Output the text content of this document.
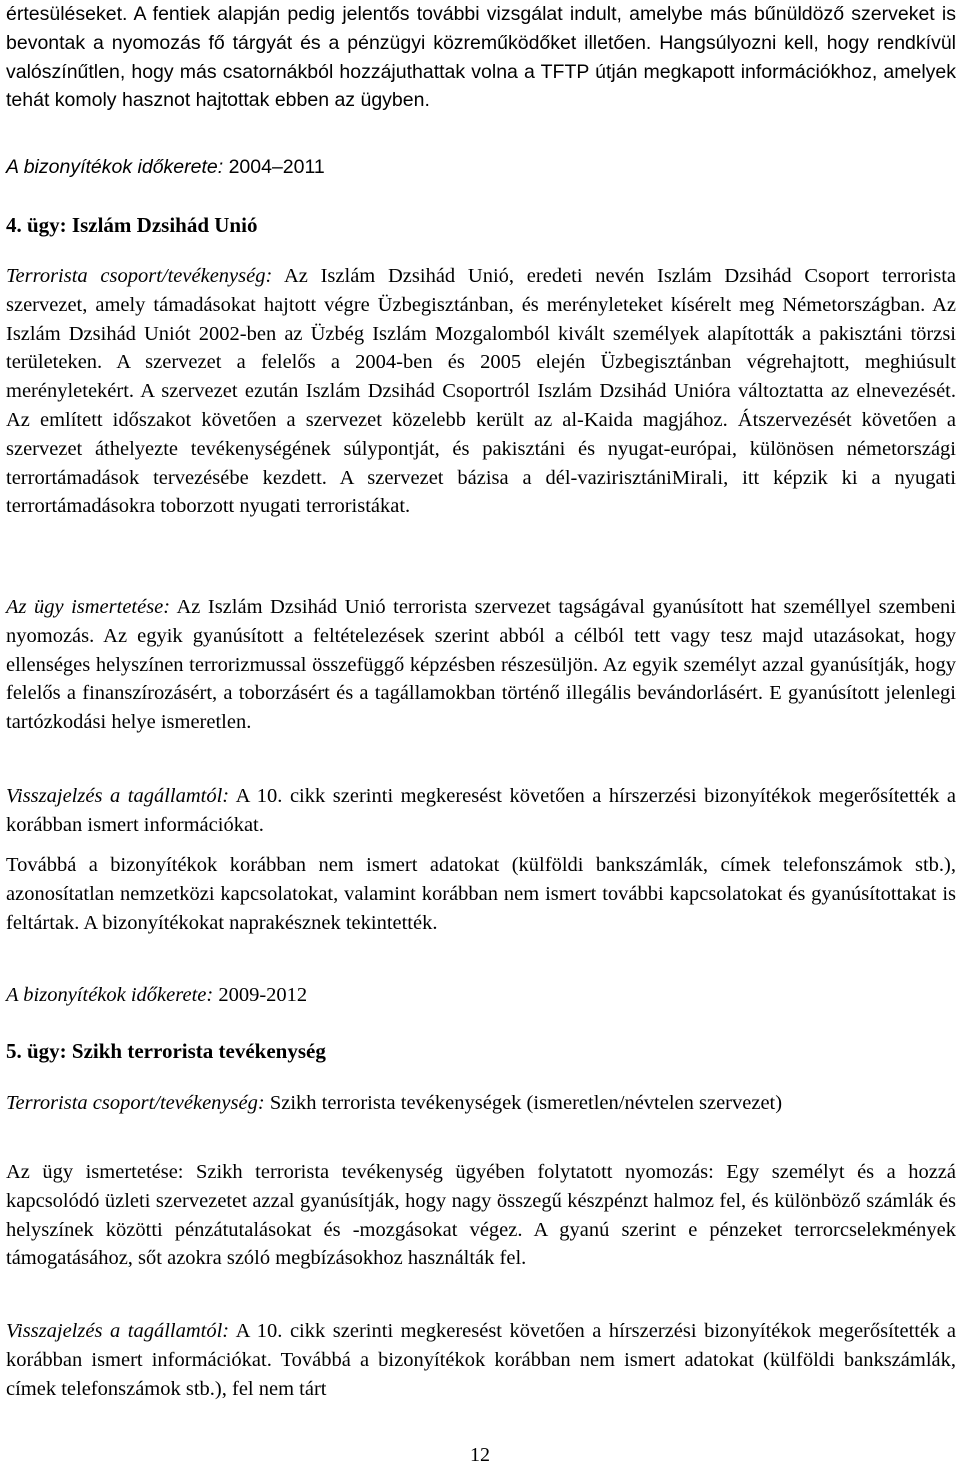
értesüléseket. A fentiek alapján pedig jelentős további vizsgálat indult, amelybe más bűnüldöző szerveket is bevontak a nyomozás fő tárgyát és a pénzügyi közreműködőket illetően. Hangsúlyozni kell, hogy rendkívül valószínűtlen, hogy más csatornákból hozzájuthattak volna a TFTP útján megkapott információkhoz, amelyek tehát komoly hasznot hajtottak ebben az ügyben.

A bizonyítékok időkerete: 2004–2011

4. ügy: Iszlám Dzsihád Unió

Terrorista csoport/tevékenység: Az Iszlám Dzsihád Unió, eredeti nevén Iszlám Dzsihád Csoport terrorista szervezet, amely támadásokat hajtott végre Üzbegisztánban, és merényleteket kísérelt meg Németországban. Az Iszlám Dzsihád Uniót 2002-ben az Üzbég Iszlám Mozgalomból kivált személyek alapították a pakisztáni törzsi területeken. A szervezet a felelős a 2004-ben és 2005 elején Üzbegisztánban végrehajtott, meghiúsult merényletekért. A szervezet ezután Iszlám Dzsihád Csoportról Iszlám Dzsihád Unióra változtatta az elnevezését. Az említett időszakot követően a szervezet közelebb került az al-Kaida magjához. Átszervezését követően a szervezet áthelyezte tevékenységének súlypontját, és pakisztáni és nyugat-európai, különösen németországi terrortámadások tervezésébe kezdett. A szervezet bázisa a dél-vazirisztániMirali, itt képzik ki a nyugati terrortámadásokra toborzott nyugati terroristákat.

Az ügy ismertetése: Az Iszlám Dzsihád Unió terrorista szervezet tagságával gyanúsított hat személlyel szembeni nyomozás. Az egyik gyanúsított a feltételezések szerint abból a célból tett vagy tesz majd utazásokat, hogy ellenséges helyszínen terrorizmussal összefüggő képzésben részesüljön. Az egyik személyt azzal gyanúsítják, hogy felelős a finanszírozásért, a toborzásért és a tagállamokban történő illegális bevándorlásért. E gyanúsított jelenlegi tartózkodási helye ismeretlen.

Visszajelzés a tagállamtól: A 10. cikk szerinti megkeresést követően a hírszerzési bizonyítékok megerősítették a korábban ismert információkat.

Továbbá a bizonyítékok korábban nem ismert adatokat (külföldi bankszámlák, címek telefonszámok stb.), azonosítatlan nemzetközi kapcsolatokat, valamint korábban nem ismert további kapcsolatokat és gyanúsítottakat is feltártak. A bizonyítékokat naprakésznek tekintették.

A bizonyítékok időkerete: 2009-2012

5. ügy: Szikh terrorista tevékenység

Terrorista csoport/tevékenység: Szikh terrorista tevékenységek (ismeretlen/névtelen szervezet)

Az ügy ismertetése: Szikh terrorista tevékenység ügyében folytatott nyomozás: Egy személyt és a hozzá kapcsolódó üzleti szervezetet azzal gyanúsítják, hogy nagy összegű készpénzt halmoz fel, és különböző számlák és helyszínek közötti pénzátutalásokat és -mozgásokat végez. A gyanú szerint e pénzeket terrorcselekmények támogatásához, sőt azokra szóló megbízásokhoz használták fel.

Visszajelzés a tagállamtól: A 10. cikk szerinti megkeresést követően a hírszerzési bizonyítékok megerősítették a korábban ismert információkat. Továbbá a bizonyítékok korábban nem ismert adatokat (külföldi bankszámlák, címek telefonszámok stb.), fel nem tárt

12
